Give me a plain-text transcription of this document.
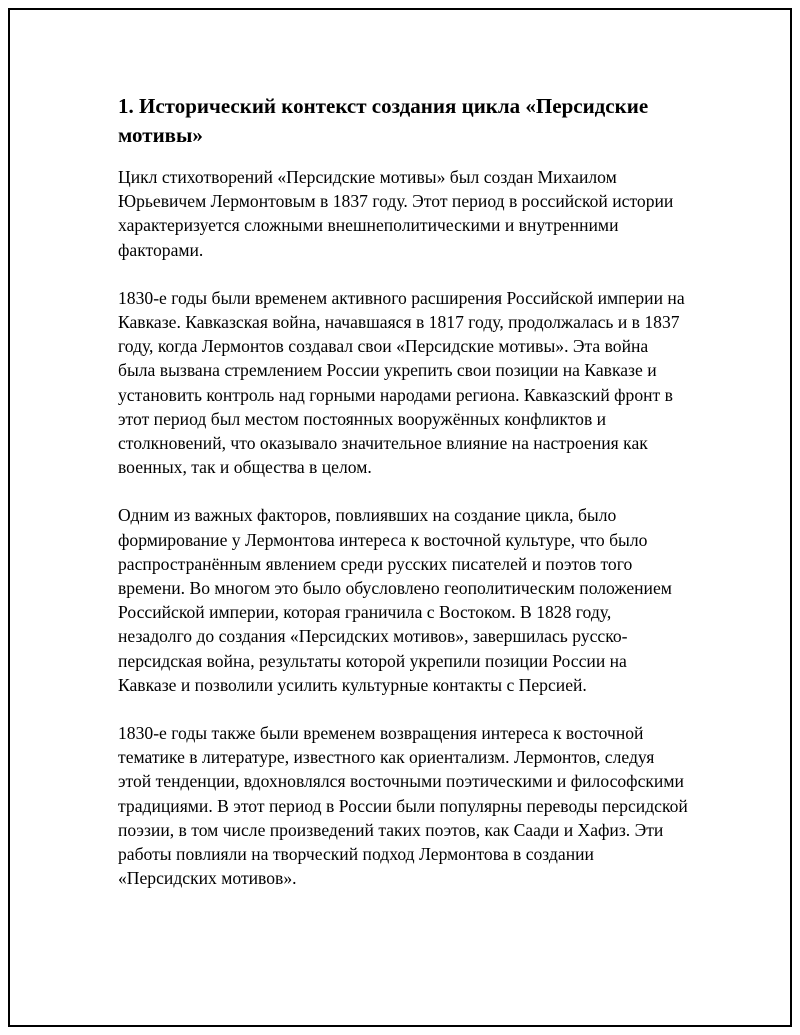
1. Исторический контекст создания цикла «Персидские мотивы»

Цикл стихотворений «Персидские мотивы» был создан Михаилом Юрьевичем Лермонтовым в 1837 году. Этот период в российской истории характеризуется сложными внешнеполитическими и внутренними факторами.

1830-е годы были временем активного расширения Российской империи на Кавказе. Кавказская война, начавшаяся в 1817 году, продолжалась и в 1837 году, когда Лермонтов создавал свои «Персидские мотивы». Эта война была вызвана стремлением России укрепить свои позиции на Кавказе и установить контроль над горными народами региона. Кавказский фронт в этот период был местом постоянных вооружённых конфликтов и столкновений, что оказывало значительное влияние на настроения как военных, так и общества в целом.

Одним из важных факторов, повлиявших на создание цикла, было формирование у Лермонтова интереса к восточной культуре, что было распространённым явлением среди русских писателей и поэтов того времени. Во многом это было обусловлено геополитическим положением Российской империи, которая граничила с Востоком. В 1828 году, незадолго до создания «Персидских мотивов», завершилась русско-персидская война, результаты которой укрепили позиции России на Кавказе и позволили усилить культурные контакты с Персией.

1830-е годы также были временем возвращения интереса к восточной тематике в литературе, известного как ориентализм. Лермонтов, следуя этой тенденции, вдохновлялся восточными поэтическими и философскими традициями. В этот период в России были популярны переводы персидской поэзии, в том числе произведений таких поэтов, как Саади и Хафиз. Эти работы повлияли на творческий подход Лермонтова в создании «Персидских мотивов».
